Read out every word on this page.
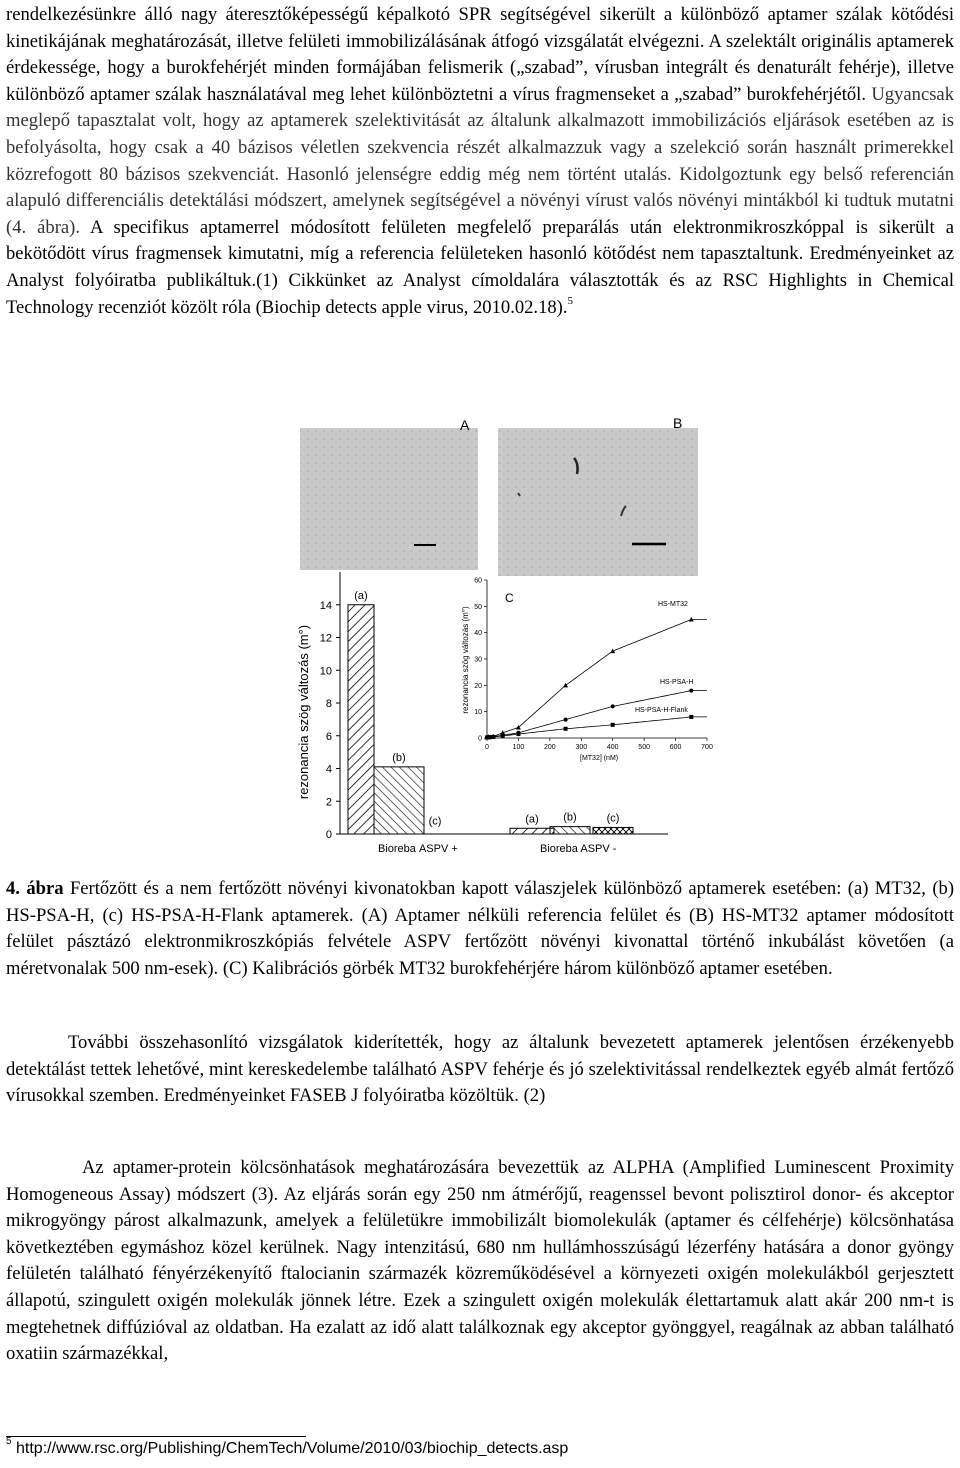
rendelkezésünkre álló nagy áteresztőképességű képalkotó SPR segítségével sikerült a különböző aptamer szálak kötődési kinetikájának meghatározását, illetve felületi immobilizálásának átfogó vizsgálatát elvégezni. A szelektált originális aptamerek érdekessége, hogy a burokfehérjét minden formájában felismerik („szabad”, vírusban integrált és denaturált fehérje), illetve különböző aptamer szálak használatával meg lehet különböztetni a vírus fragmenseket a „szabad” burokfehérjétől. Ugyancsak meglepő tapasztalat volt, hogy az aptamerek szelektivitását az általunk alkalmazott immobilizációs eljárások esetében az is befolyásolta, hogy csak a 40 bázisos véletlen szekvencia részét alkalmazzuk vagy a szelekció során használt primerekkel közrefogott 80 bázisos szekvenciát. Hasonló jelenségre eddig még nem történt utalás. Kidolgoztunk egy belső referencián alapuló differenciális detektálási módszert, amelynek segítségével a növényi vírust valós növényi mintákból ki tudtuk mutatni (4. ábra). A specifikus aptamerrel módosított felületen megfelelő preparálás után elektronmikroszkóppal is sikerült a bekötődött vírus fragmensek kimutatni, míg a referencia felületeken hasonló kötődést nem tapasztaltunk. Eredményeinket az Analyst folyóiratba publikáltuk.(1) Cikkünket az Analyst címoldalára választották és az RSC Highlights in Chemical Technology recenziót közölt róla (Biochip detects apple virus, 2010.02.18).$^5$

A	B
rezonancia szög változás (m°)
0
2
4
6
8
10
12
14
(a)
(b)
(c)	(a) (b)	(c)
Biorebа ASPV +	Bioreba ASPV -
C
rezonancia szög változás (m°)
[MT32] (nM)
0	100	200	300	400	500	600	700
0
10
20
30
40
50
60
HS-MT32
HS-PSA-H
HS-PSA-H-Flank

4. ábra Fertőzött és a nem fertőzött növényi kivonatokban kapott válaszjelek különböző aptamerek esetében: (a) MT32, (b) HS-PSA-H, (c) HS-PSA-H-Flank aptamerek. (A) Aptamer nélküli referencia felület és (B) HS-MT32 aptamer módosított felület pásztázó elektronmikroszkópiás felvétele ASPV fertőzött növényi kivonattal történő inkubálást követően (a méretvonalak 500 nm-esek). (C) Kalibrációs görbék MT32 burokfehérjére három különböző aptamer esetében.

További összehasonlító vizsgálatok kiderítették, hogy az általunk bevezetett aptamerek jelentősen érzékenyebb detektálást tettek lehetővé, mint kereskedelembe található ASPV fehérje és jó szelektivitással rendelkeztek egyéb almát fertőző vírusokkal szemben. Eredményeinket FASEB J folyóiratba közöltük. (2)

Az aptamer-protein kölcsönhatások meghatározására bevezettük az ALPHA (Amplified Luminescent Proximity Homogeneous Assay) módszert (3). Az eljárás során egy 250 nm átmérőjű, reagenssel bevont polisztirol donor- és akceptor mikrogyöngy párost alkalmazunk, amelyek a felületükre immobilizált biomolekulák (aptamer és célfehérje) kölcsönhatása következtében egymáshoz közel kerülnek. Nagy intenzitású, 680 nm hullámhosszúságú lézerfény hatására a donor gyöngy felületén található fényérzékenyítő ftalocianin származék közreműködésével a környezeti oxigén molekulákból gerjesztett állapotú, szingulett oxigén molekulák jönnek létre. Ezek a szingulett oxigén molekulák élettartamuk alatt akár 200 nm-t is megtehetnek diffúzióval az oldatban. Ha ezalatt az idő alatt találkoznak egy akceptor gyönggyel, reagálnak az abban található oxatiin származékkal,

$^5$ http://www.rsc.org/Publishing/ChemTech/Volume/2010/03/biochip_detects.asp
